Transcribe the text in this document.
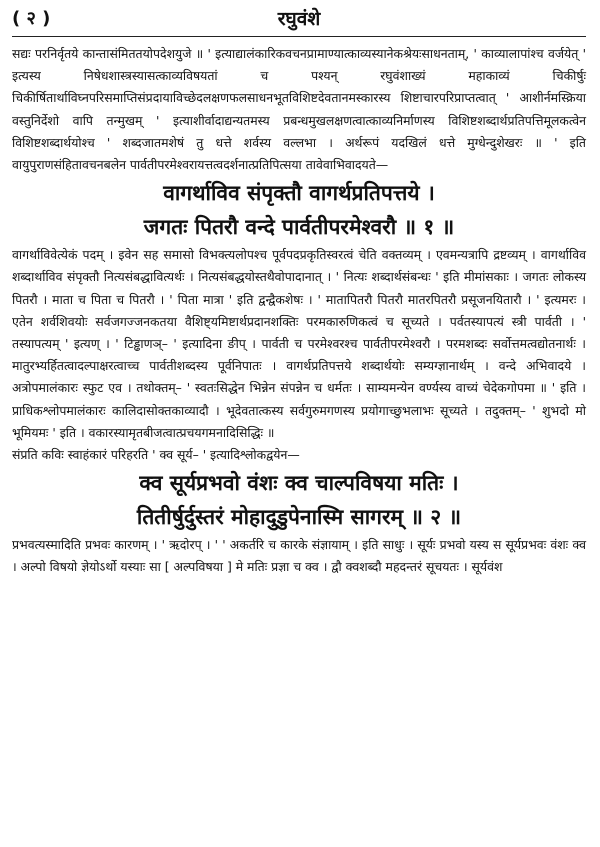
( २ )	रघुवंशे

सद्यः परनिर्वृतये कान्तासंमिततयोपदेशयुजे ॥ ' इत्याद्यालंकारिकवचनप्रामाण्यात्काव्यस्यानेकश्रेयःसाधनताम्, ' काव्यालापांश्च वर्जयेत् ' इत्यस्य निषेधशास्त्रस्यासत्काव्यविषयतां च पश्यन् रघुवंशाख्यं महाकाव्यं चिकीर्षुः चिकीर्षितार्थाविघ्नपरिसमाप्तिसंप्रदायाविच्छेदलक्षणफलसाधनभूतविशिष्टदेवतानमस्कारस्य शिष्टाचारपरिप्राप्तत्वात् ' आशीर्नमस्क्रिया वस्तुनिर्देशो वापि तन्मुखम् ' इत्याशीर्वादाद्यन्यतमस्य प्रबन्धमुखलक्षणत्वात्काव्यनिर्माणस्य विशिष्टशब्दार्थप्रतिपत्तिमूलकत्वेन विशिष्टशब्दार्थयोश्च ' शब्दजातमशेषं तु धत्ते शर्वस्य वल्लभा । अर्थरूपं यदखिलं धत्ते मुग्धेन्दुशेखरः ॥ ' इति वायुपुराणसंहितावचनबलेन पार्वतीपरमेश्वरायत्तत्वदर्शनात्प्रतिपित्सया तावेवाभिवादयते—

वागर्थाविव संपृक्तौ वागर्थप्रतिपत्तये ।

जगतः पितरौ वन्दे पार्वतीपरमेश्वरौ ॥ १ ॥

वागर्थाविवेत्येकं पदम् । इवेन सह समासो विभक्त्यलोपश्च पूर्वपदप्रकृतिस्वरत्वं चेति वक्तव्यम् । एवमन्यत्रापि द्रष्टव्यम् । वागर्थाविव शब्दार्थाविव संपृक्तौ नित्यसंबद्धावित्यर्थः । नित्यसंबद्धयोस्तथैवोपादानात् । ' नित्यः शब्दार्थसंबन्धः ' इति मीमांसकाः । जगतः लोकस्य पितरौ । माता च पिता च पितरौ । ' पिता मात्रा ' इति द्वन्द्वैकशेषः । ' मातापितरौ पितरौ मातरपितरौ प्रसूजनयितारौ । ' इत्यमरः । एतेन शर्वशिवयोः सर्वजगज्जनकतया वैशिष्ट्यमिष्टार्थप्रदानशक्तिः परमकारुणिकत्वं च सूच्यते । पर्वतस्यापत्यं स्त्री पार्वती । ' तस्यापत्यम् ' इत्यण् । ' टिड्ढाणञ्– ' इत्यादिना ङीप् । पार्वती च परमेश्वरश्च पार्वतीपरमेश्वरौ । परमशब्दः सर्वोत्तमत्वद्योतनार्थः । मातुरभ्यर्हितत्वादल्पाक्षरत्वाच्च पार्वतीशब्दस्य पूर्वनिपातः । वागर्थप्रतिपत्तये शब्दार्थयोः सम्यग्ज्ञानार्थम् । वन्दे अभिवादये । अत्रोपमालंकारः स्फुट एव । तथोक्तम्– ' स्वतःसिद्धेन भिन्नेन संपन्नेन च धर्मतः । साम्यमन्येन वर्ण्यस्य वाच्यं चेदेकगोपमा ॥ ' इति । प्राधिकश्लोपमालंकारः कालिदासोक्तकाव्यादौ । भूदेवतात्कस्य सर्वगुरुमगणस्य प्रयोगाच्छुभलाभः सूच्यते । तदुक्तम्– ' शुभदो मो भूमियमः ' इति । वकारस्यामृतबीजत्वात्प्रचयगमनादिसिद्धिः ॥

संप्रति कविः स्वाहंकारं परिहरति ' क्व सूर्य– ' इत्यादिश्लोकद्वयेन—

क्व सूर्यप्रभवो वंशः क्व चाल्पविषया मतिः ।

तितीर्षुर्दुस्तरं मोहादुडुपेनास्मि सागरम् ॥ २ ॥

प्रभवत्यस्मादिति प्रभवः कारणम् । ' ऋदोरप् । ' ' अकर्तरि च कारके संज्ञायाम् । इति साधुः । सूर्यः प्रभवो यस्य स सूर्यप्रभवः वंशः क्व । अल्पो विषयो ज्ञेयोऽर्थो यस्याः सा [ अल्पविषया ] मे मतिः प्रज्ञा च क्व । द्वौ क्वशब्दौ महदन्तरं सूचयतः । सूर्यवंश
